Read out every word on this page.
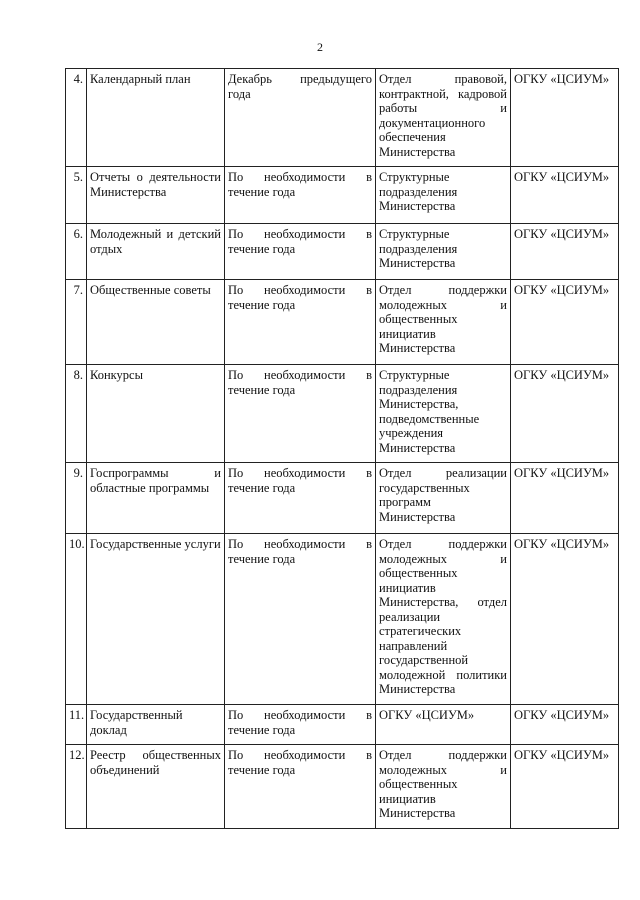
2
4.	Календарный план	Декабрь предыдущего года	Отдел правовой, контрактной, кадровой работы и документационного обеспечения Министерства	ОГКУ «ЦСИУМ»
5.	Отчеты о деятельности Министерства	По необходимости в течение года	Структурные подразделения Министерства	ОГКУ «ЦСИУМ»
6.	Молодежный и детский отдых	По необходимости в течение года	Структурные подразделения Министерства	ОГКУ «ЦСИУМ»
7.	Общественные советы	По необходимости в течение года	Отдел поддержки молодежных и общественных инициатив Министерства	ОГКУ «ЦСИУМ»
8.	Конкурсы	По необходимости в течение года	Структурные подразделения Министерства, подведомственные учреждения Министерства	ОГКУ «ЦСИУМ»
9.	Госпрограммы и областные программы	По необходимости в течение года	Отдел реализации государственных программ Министерства	ОГКУ «ЦСИУМ»
10.	Государственные услуги	По необходимости в течение года	Отдел поддержки молодежных и общественных инициатив Министерства, отдел реализации стратегических направлений государственной молодежной политики Министерства	ОГКУ «ЦСИУМ»
11.	Государственный доклад	По необходимости в течение года	ОГКУ «ЦСИУМ»	ОГКУ «ЦСИУМ»
12.	Реестр общественных объединений	По необходимости в течение года	Отдел поддержки молодежных и общественных инициатив Министерства	ОГКУ «ЦСИУМ»
